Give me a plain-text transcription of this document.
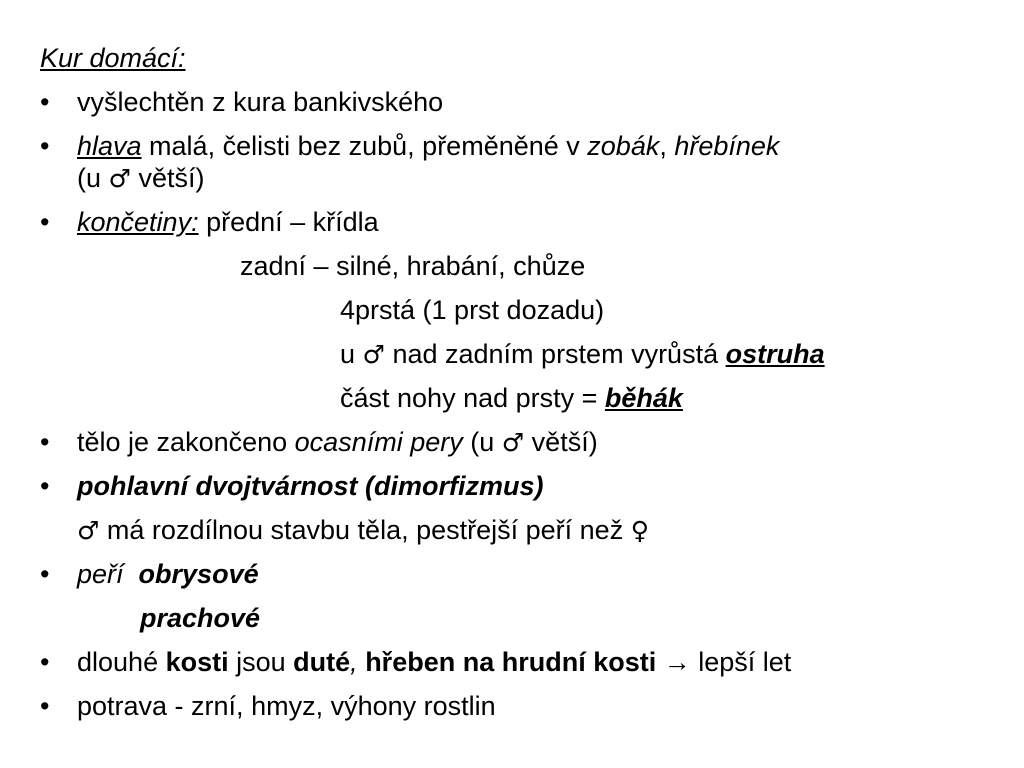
Kur domácí:
• vyšlechtěn z kura bankivského
• hlava malá, čelisti bez zubů, přeměněné v zobák, hřebínek
(u ♂ větší)
• končetiny: přední – křídla
zadní – silné, hrabání, chůze
4prstá (1 prst dozadu)
u ♂ nad zadním prstem vyrůstá ostruha
část nohy nad prsty = běhák
• tělo je zakončeno ocasními pery (u ♂ větší)
• pohlavní dvojtvárnost (dimorfizmus)
♂ má rozdílnou stavbu těla, pestřejší peří než ♀
• peří obrysové
prachové
• dlouhé kosti jsou duté, hřeben na hrudní kosti → lepší let
• potrava - zrní, hmyz, výhony rostlin
